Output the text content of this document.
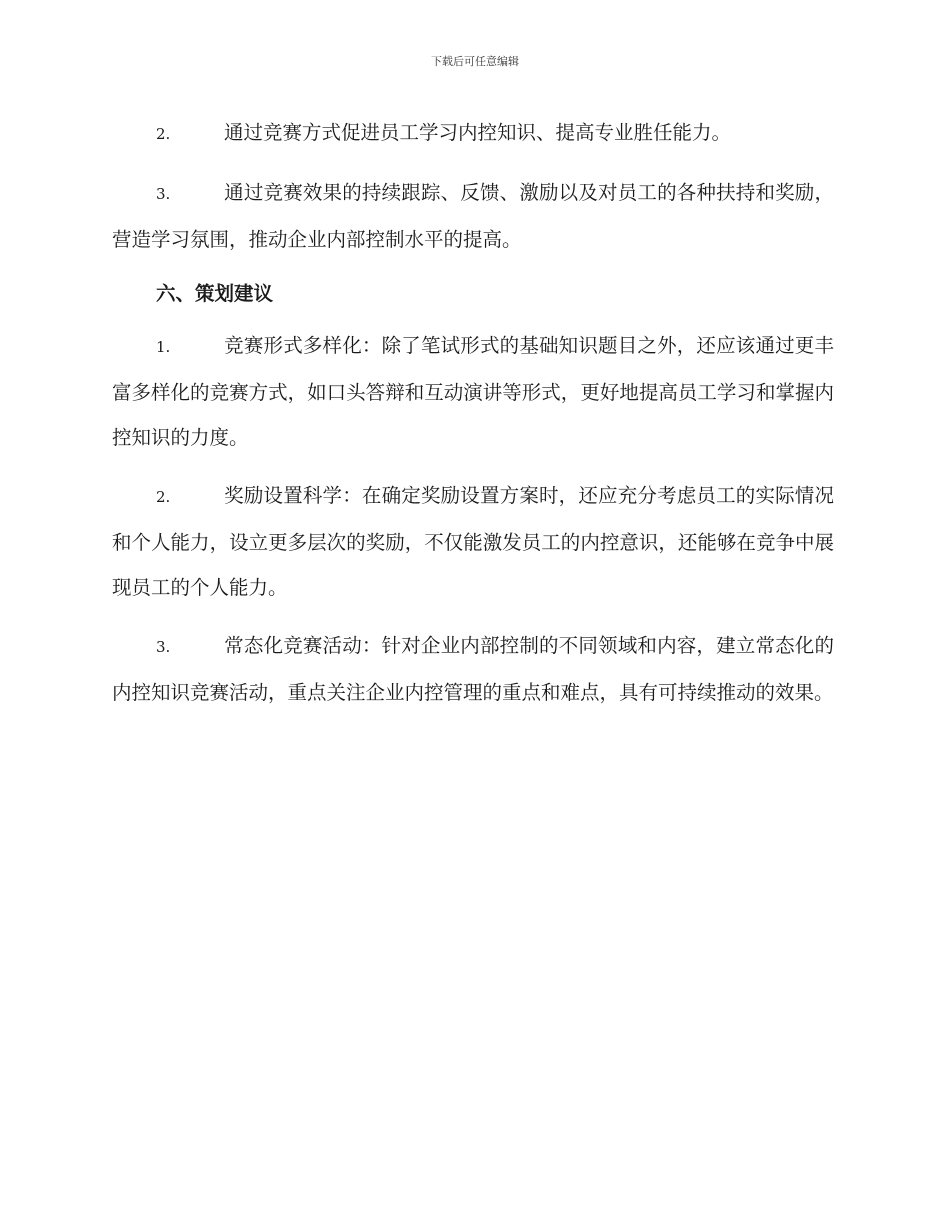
下载后可任意编辑
2.	通过竞赛方式促进员工学习内控知识、提高专业胜任能力。
3.	通过竞赛效果的持续跟踪、反馈、激励以及对员工的各种扶持和奖励，营造学习氛围，推动企业内部控制水平的提高。
六、策划建议
1.	竞赛形式多样化：除了笔试形式的基础知识题目之外，还应该通过更丰富多样化的竞赛方式，如口头答辩和互动演讲等形式，更好地提高员工学习和掌握内控知识的力度。
2.	奖励设置科学：在确定奖励设置方案时，还应充分考虑员工的实际情况和个人能力，设立更多层次的奖励，不仅能激发员工的内控意识，还能够在竞争中展现员工的个人能力。
3.	常态化竞赛活动：针对企业内部控制的不同领域和内容，建立常态化的内控知识竞赛活动，重点关注企业内控管理的重点和难点，具有可持续推动的效果。
